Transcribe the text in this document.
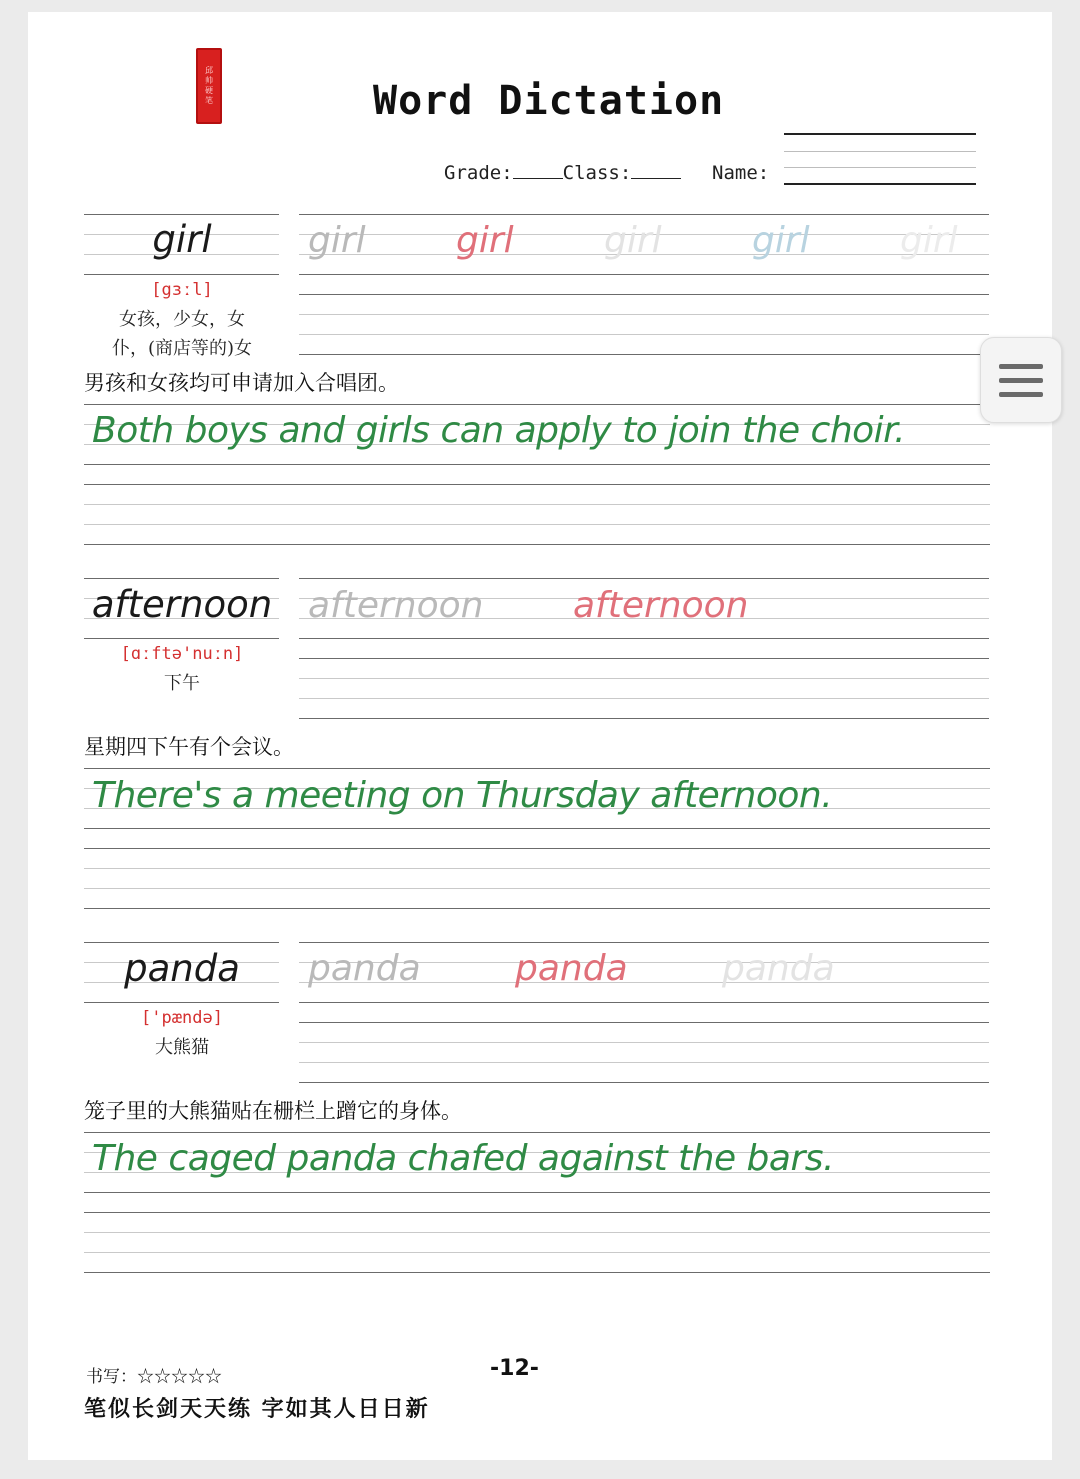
邱
帅
硬
笔	Word Dictation
Grade:	Class:	Name:
girl
[gɜːl]
女孩，少女，女
仆，(商店等的)女
girl	girl	girl	girl	girl
男孩和女孩均可申请加入合唱团。
Both boys and girls can apply to join the choir.
afternoon
[ɑːftə'nuːn]
下午
afternoon afternoon
星期四下午有个会议。
There's a meeting on Thursday afternoon.
panda
['pændə]
大熊猫
panda	panda	panda
笼子里的大熊猫贴在栅栏上蹭它的身体。
The caged panda chafed against the bars.
书写：☆☆☆☆☆	-12-
笔似长剑天天练 字如其人日日新
